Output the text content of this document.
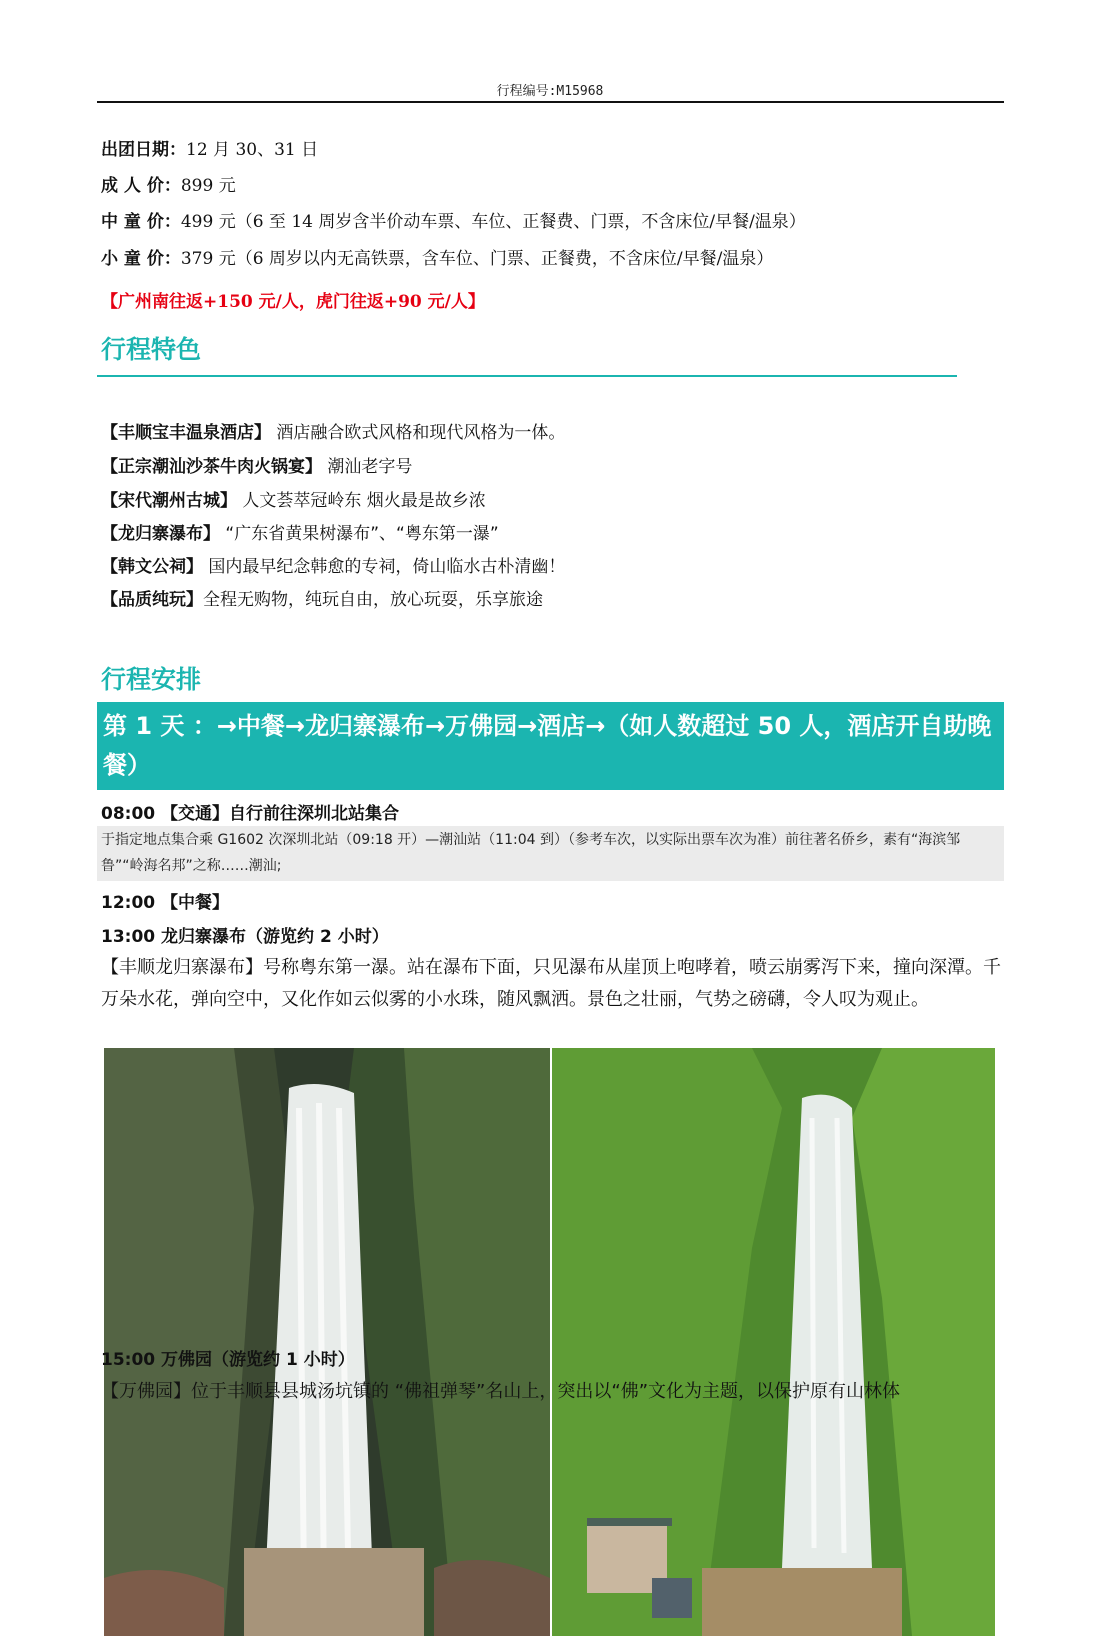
行程编号:M15968
出团日期：12 月 30、31 日
成 人 价：899 元
中 童 价：499 元（6 至 14 周岁含半价动车票、车位、正餐费、门票，不含床位/早餐/温泉）
小 童 价：379 元（6 周岁以内无高铁票，含车位、门票、正餐费，不含床位/早餐/温泉）
【广州南往返+150 元/人，虎门往返+90 元/人】
行程特色
【丰顺宝丰温泉酒店】 酒店融合欧式风格和现代风格为一体。
【正宗潮汕沙茶牛肉火锅宴】 潮汕老字号
【宋代潮州古城】 人文荟萃冠岭东 烟火最是故乡浓
【龙归寨瀑布】 “广东省黄果树瀑布”、“粤东第一瀑”
【韩文公祠】 国内最早纪念韩愈的专祠，倚山临水古朴清幽！
【品质纯玩】全程无购物，纯玩自由，放心玩耍，乐享旅途
行程安排
第 1 天 ：→中餐→龙归寨瀑布→万佛园→酒店→（如人数超过 50 人，酒店开自助晚餐）
08:00 【交通】自行前往深圳北站集合
于指定地点集合乘 G1602 次深圳北站（09:18 开）—潮汕站（11:04 到）（参考车次，以实际出票车次为准）前往著名侨乡，素有“海滨邹鲁”“岭海名邦”之称……潮汕;
12:00 【中餐】
13:00 龙归寨瀑布（游览约 2 小时）
【丰顺龙归寨瀑布】号称粤东第一瀑。站在瀑布下面，只见瀑布从崖顶上咆哮着，喷云崩雾泻下来，撞向深潭。千万朵水花，弹向空中，又化作如云似雾的小水珠，随风飘洒。景色之壮丽，气势之磅礴，令人叹为观止。
15:00 万佛园（游览约 1 小时）
【万佛园】位于丰顺县县城汤坑镇的 “佛祖弹琴”名山上，突出以“佛”文化为主题，以保护原有山林体
